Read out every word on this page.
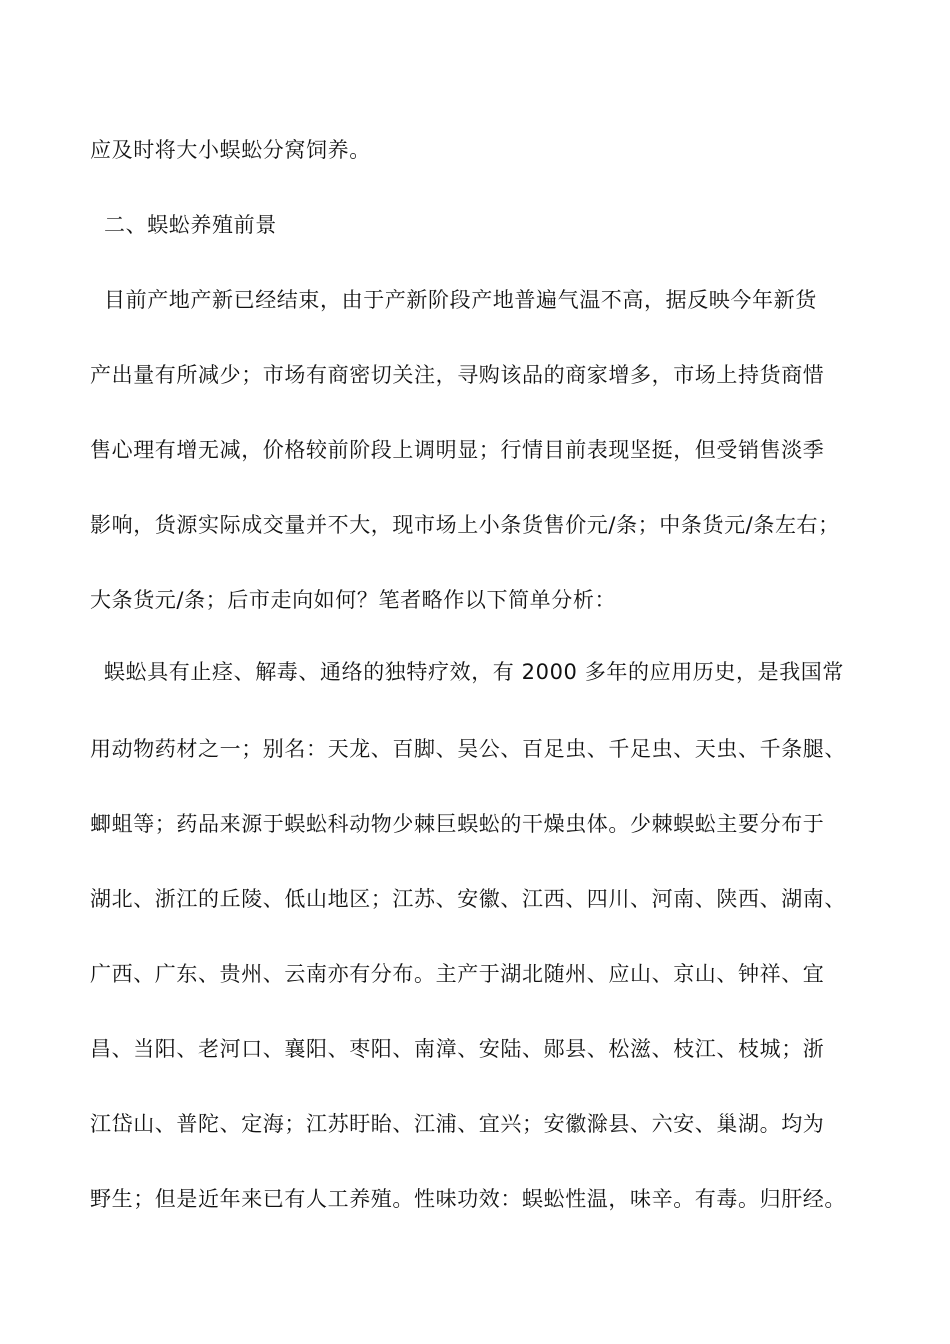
应及时将大小蜈蚣分窝饲养。
二、蜈蚣养殖前景
目前产地产新已经结束，由于产新阶段产地普遍气温不高，据反映今年新货
产出量有所减少；市场有商密切关注，寻购该品的商家增多，市场上持货商惜
售心理有增无减，价格较前阶段上调明显；行情目前表现坚挺，但受销售淡季
影响，货源实际成交量并不大，现市场上小条货售价元/条；中条货元/条左右；
大条货元/条；后市走向如何？笔者略作以下简单分析：
蜈蚣具有止痉、解毒、通络的独特疗效，有 2000 多年的应用历史，是我国常
用动物药材之一；别名：天龙、百脚、吴公、百足虫、千足虫、天虫、千条腿、
蝍蛆等；药品来源于蜈蚣科动物少棘巨蜈蚣的干燥虫体。少棘蜈蚣主要分布于
湖北、浙江的丘陵、低山地区；江苏、安徽、江西、四川、河南、陕西、湖南、
广西、广东、贵州、云南亦有分布。主产于湖北随州、应山、京山、钟祥、宜
昌、当阳、老河口、襄阳、枣阳、南漳、安陆、郧县、松滋、枝江、枝城；浙
江岱山、普陀、定海；江苏盱眙、江浦、宜兴；安徽滁县、六安、巢湖。均为
野生；但是近年来已有人工养殖。性味功效：蜈蚣性温，味辛。有毒。归肝经。
